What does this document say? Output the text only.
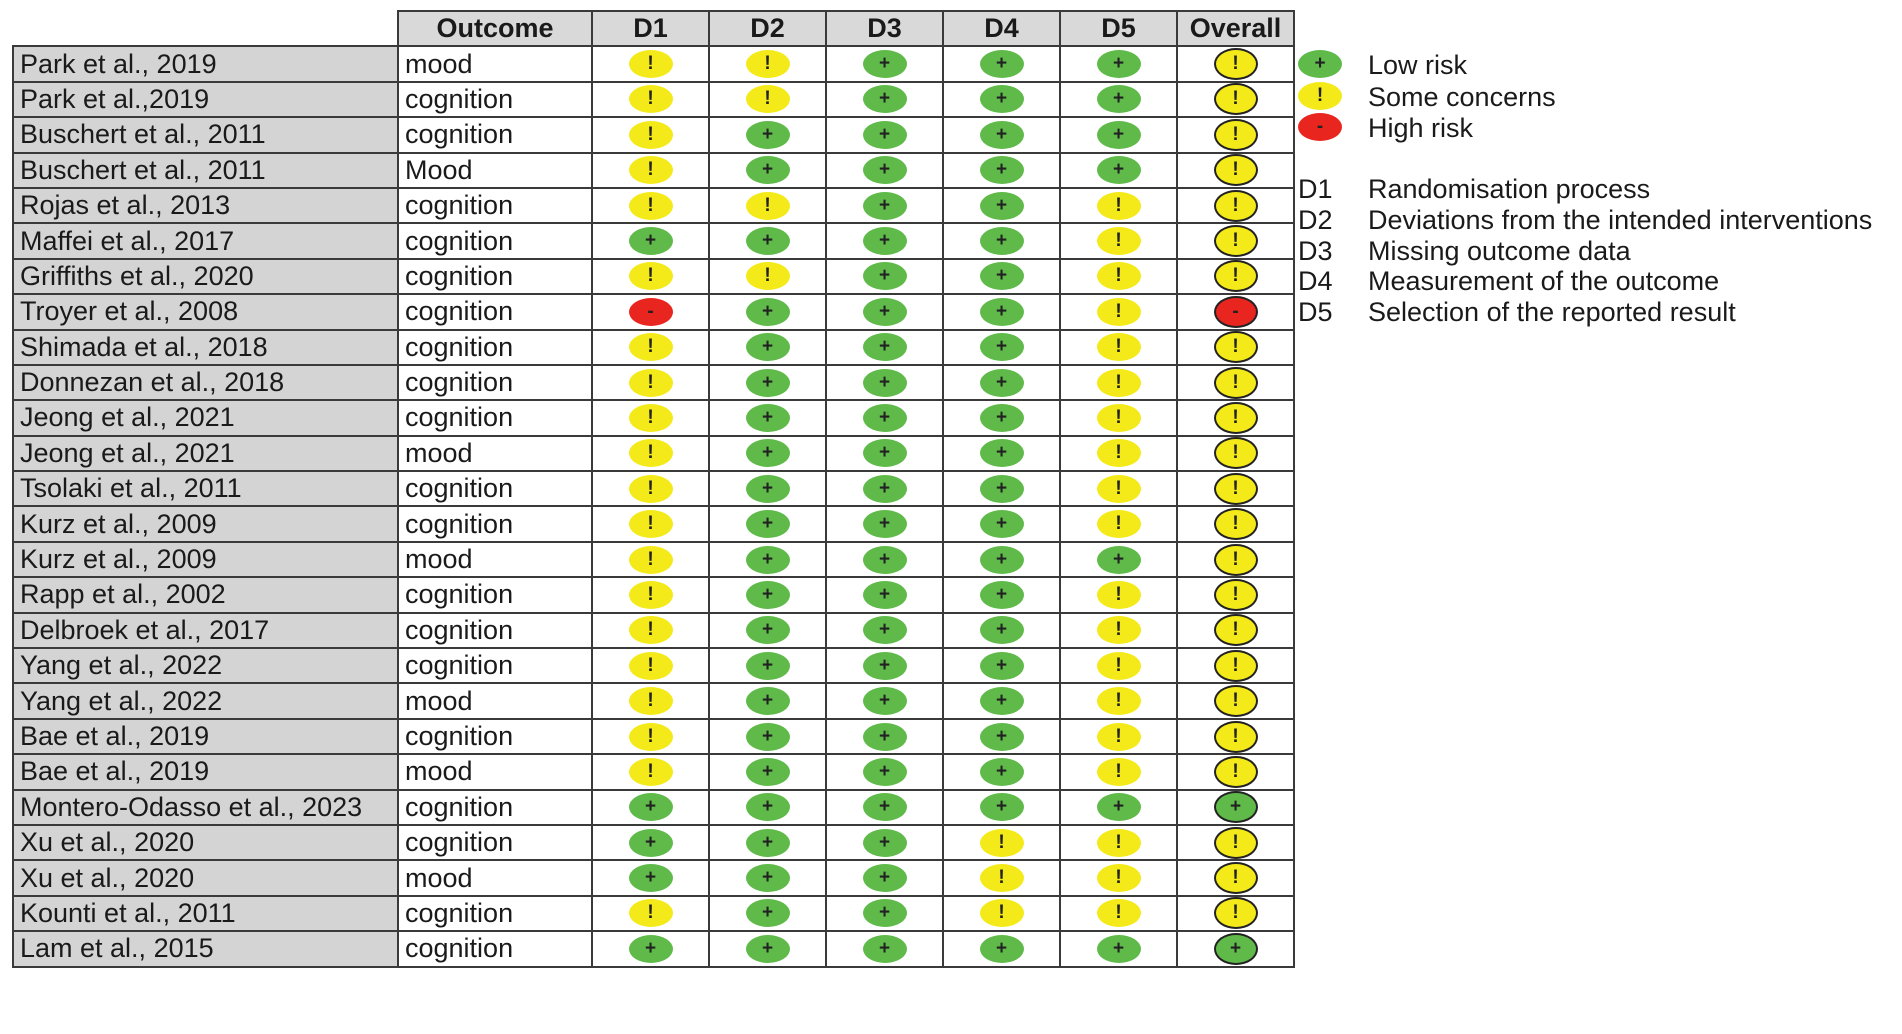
	Outcome	D1	D2	D3	D4	D5	Overall
Park et al., 2019	mood	!	!	+	+	+	!
Park et al.,2019	cognition	!	!	+	+	+	!
Buschert et al., 2011	cognition	!	+	+	+	+	!
Buschert et al., 2011	Mood	!	+	+	+	+	!
Rojas et al., 2013	cognition	!	!	+	+	!	!
Maffei et al., 2017	cognition	+	+	+	+	!	!
Griffiths et al., 2020	cognition	!	!	+	+	!	!
Troyer et al., 2008	cognition	-	+	+	+	!	-
Shimada et al., 2018	cognition	!	+	+	+	!	!
Donnezan et al., 2018	cognition	!	+	+	+	!	!
Jeong et al., 2021	cognition	!	+	+	+	!	!
Jeong et al., 2021	mood	!	+	+	+	!	!
Tsolaki et al., 2011	cognition	!	+	+	+	!	!
Kurz et al., 2009	cognition	!	+	+	+	!	!
Kurz et al., 2009	mood	!	+	+	+	+	!
Rapp et al., 2002	cognition	!	+	+	+	!	!
Delbroek et al., 2017	cognition	!	+	+	+	!	!
Yang et al., 2022	cognition	!	+	+	+	!	!
Yang et al., 2022	mood	!	+	+	+	!	!
Bae et al., 2019	cognition	!	+	+	+	!	!
Bae et al., 2019	mood	!	+	+	+	!	!
Montero-Odasso et al., 2023	cognition	+	+	+	+	+	+
Xu et al., 2020	cognition	+	+	+	!	!	!
Xu et al., 2020	mood	+	+	+	!	!	!
Kounti et al., 2011	cognition	!	+	+	!	!	!
Lam et al., 2015	cognition	+	+	+	+	+	+
+	Low risk
!	Some concerns
-	High risk
D1 Randomisation process
D2 Deviations from the intended interventions
D3 Missing outcome data
D4 Measurement of the outcome
D5 Selection of the reported result
